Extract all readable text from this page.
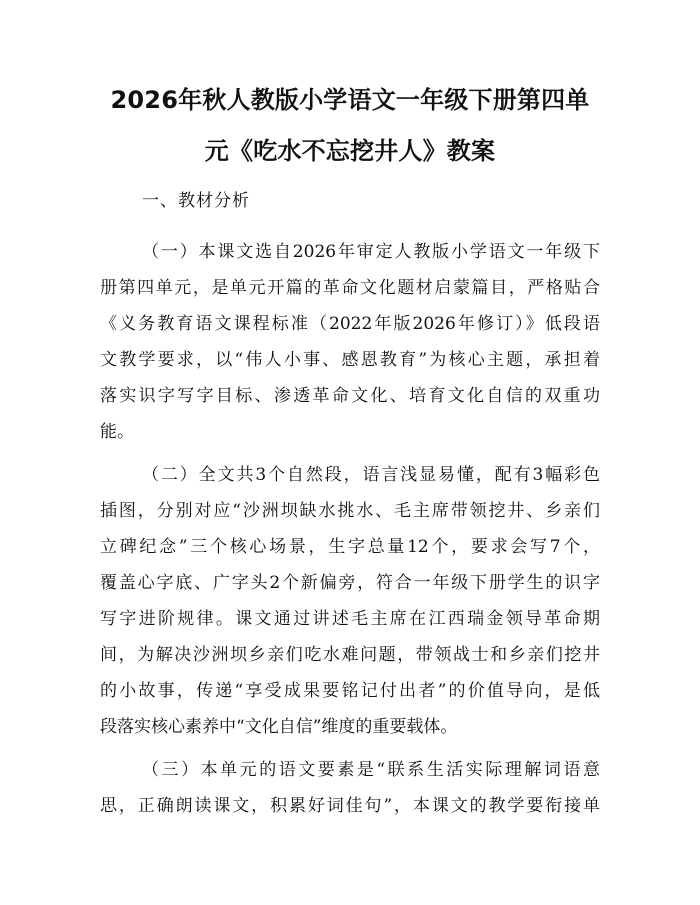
2026年秋人教版小学语文一年级下册第四单
元《吃水不忘挖井人》教案
一、教材分析
（一）本课文选自2026年审定人教版小学语文一年级下
册第四单元，是单元开篇的革命文化题材启蒙篇目，严格贴合
《义务教育语文课程标准（2022年版2026年修订）》低段语
文教学要求，以“伟人小事、感恩教育”为核心主题，承担着
落实识字写字目标、渗透革命文化、培育文化自信的双重功
能。
（二）全文共3个自然段，语言浅显易懂，配有3幅彩色
插图，分别对应“沙洲坝缺水挑水、毛主席带领挖井、乡亲们
立碑纪念”三个核心场景，生字总量12个，要求会写7个，
覆盖心字底、广字头2个新偏旁，符合一年级下册学生的识字
写字进阶规律。课文通过讲述毛主席在江西瑞金领导革命期
间，为解决沙洲坝乡亲们吃水难问题，带领战士和乡亲们挖井
的小故事，传递“享受成果要铭记付出者”的价值导向，是低
段落实核心素养中“文化自信”维度的重要载体。
（三）本单元的语文要素是“联系生活实际理解词语意
思，正确朗读课文，积累好词佳句”，本课文的教学要衔接单
